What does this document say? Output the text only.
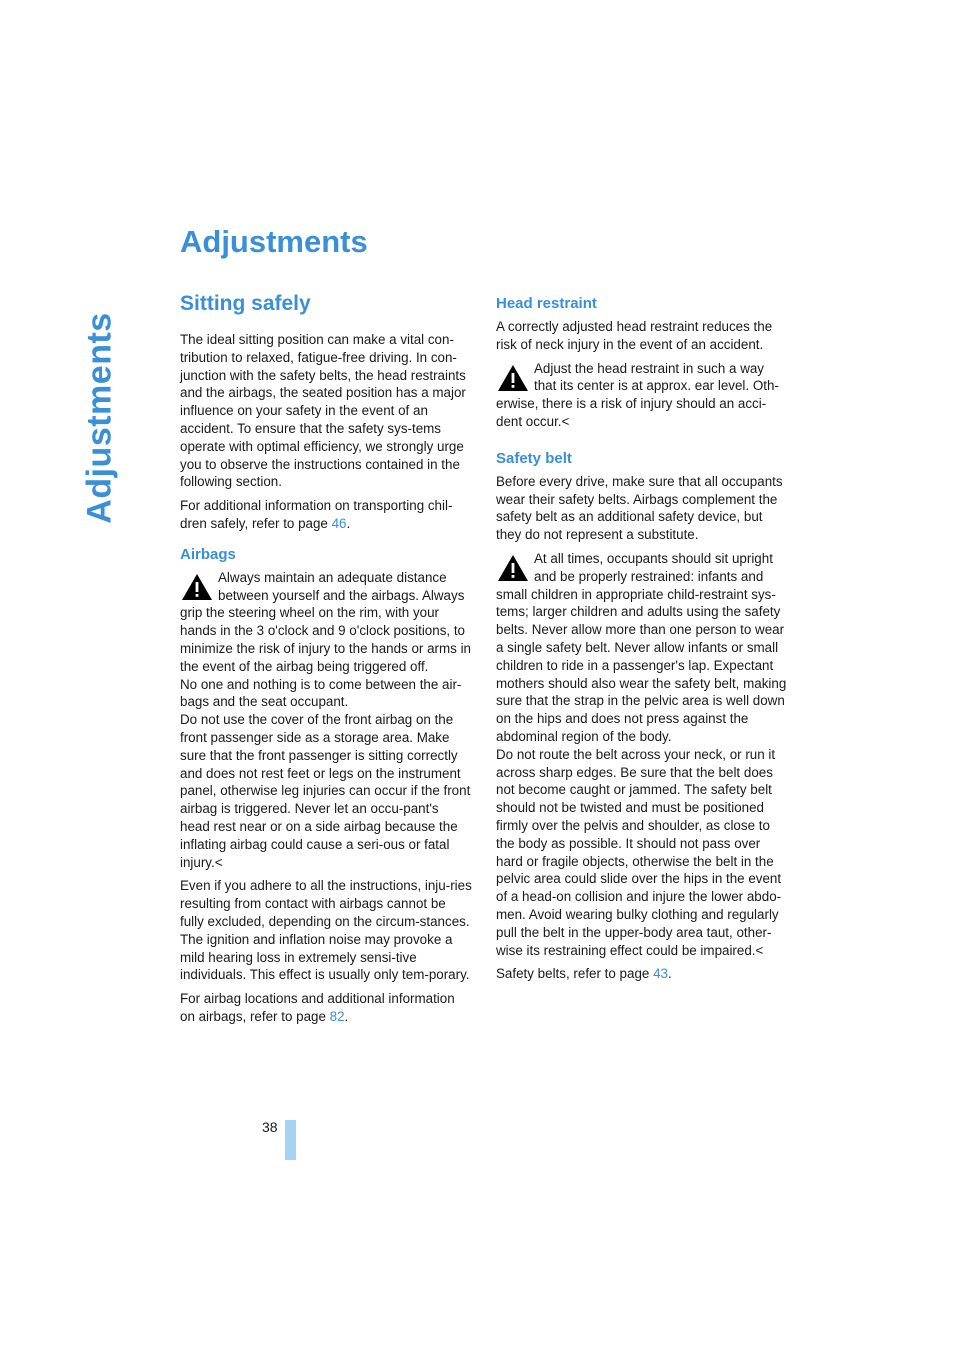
Adjustments
38
Adjustments
Sitting safely

The ideal sitting position can make a vital con-tribution to relaxed, fatigue-free driving. In con-junction with the safety belts, the head restraints and the airbags, the seated position has a major influence on your safety in the event of an accident. To ensure that the safety sys-tems operate with optimal efficiency, we strongly urge you to observe the instructions contained in the following section.

For additional information on transporting chil-dren safely, refer to page 46.

Airbags

Always maintain an adequate distance between yourself and the airbags. Always grip the steering wheel on the rim, with your hands in the 3 o'clock and 9 o'clock positions, to minimize the risk of injury to the hands or arms in the event of the airbag being triggered off.

No one and nothing is to come between the air-bags and the seat occupant.

Do not use the cover of the front airbag on the front passenger side as a storage area. Make sure that the front passenger is sitting correctly and does not rest feet or legs on the instrument panel, otherwise leg injuries can occur if the front airbag is triggered. Never let an occu-pant's head rest near or on a side airbag because the inflating airbag could cause a seri-ous or fatal injury.<

Even if you adhere to all the instructions, inju-ries resulting from contact with airbags cannot be fully excluded, depending on the circum-stances. The ignition and inflation noise may provoke a mild hearing loss in extremely sensi-tive individuals. This effect is usually only tem-porary.

For airbag locations and additional information on airbags, refer to page 82.

Head restraint

A correctly adjusted head restraint reduces the risk of neck injury in the event of an accident.

Adjust the head restraint in such a way that its center is at approx. ear level. Oth-erwise, there is a risk of injury should an acci-dent occur.<

Safety belt

Before every drive, make sure that all occupants wear their safety belts. Airbags complement the safety belt as an additional safety device, but they do not represent a substitute.

At all times, occupants should sit upright and be properly restrained: infants and small children in appropriate child-restraint sys-tems; larger children and adults using the safety belts. Never allow more than one person to wear a single safety belt. Never allow infants or small children to ride in a passenger's lap. Expectant mothers should also wear the safety belt, making sure that the strap in the pelvic area is well down on the hips and does not press against the abdominal region of the body.

Do not route the belt across your neck, or run it across sharp edges. Be sure that the belt does not become caught or jammed. The safety belt should not be twisted and must be positioned firmly over the pelvis and shoulder, as close to the body as possible. It should not pass over hard or fragile objects, otherwise the belt in the pelvic area could slide over the hips in the event of a head-on collision and injure the lower abdo-men. Avoid wearing bulky clothing and regularly pull the belt in the upper-body area taut, other-wise its restraining effect could be impaired.<

Safety belts, refer to page 43.
